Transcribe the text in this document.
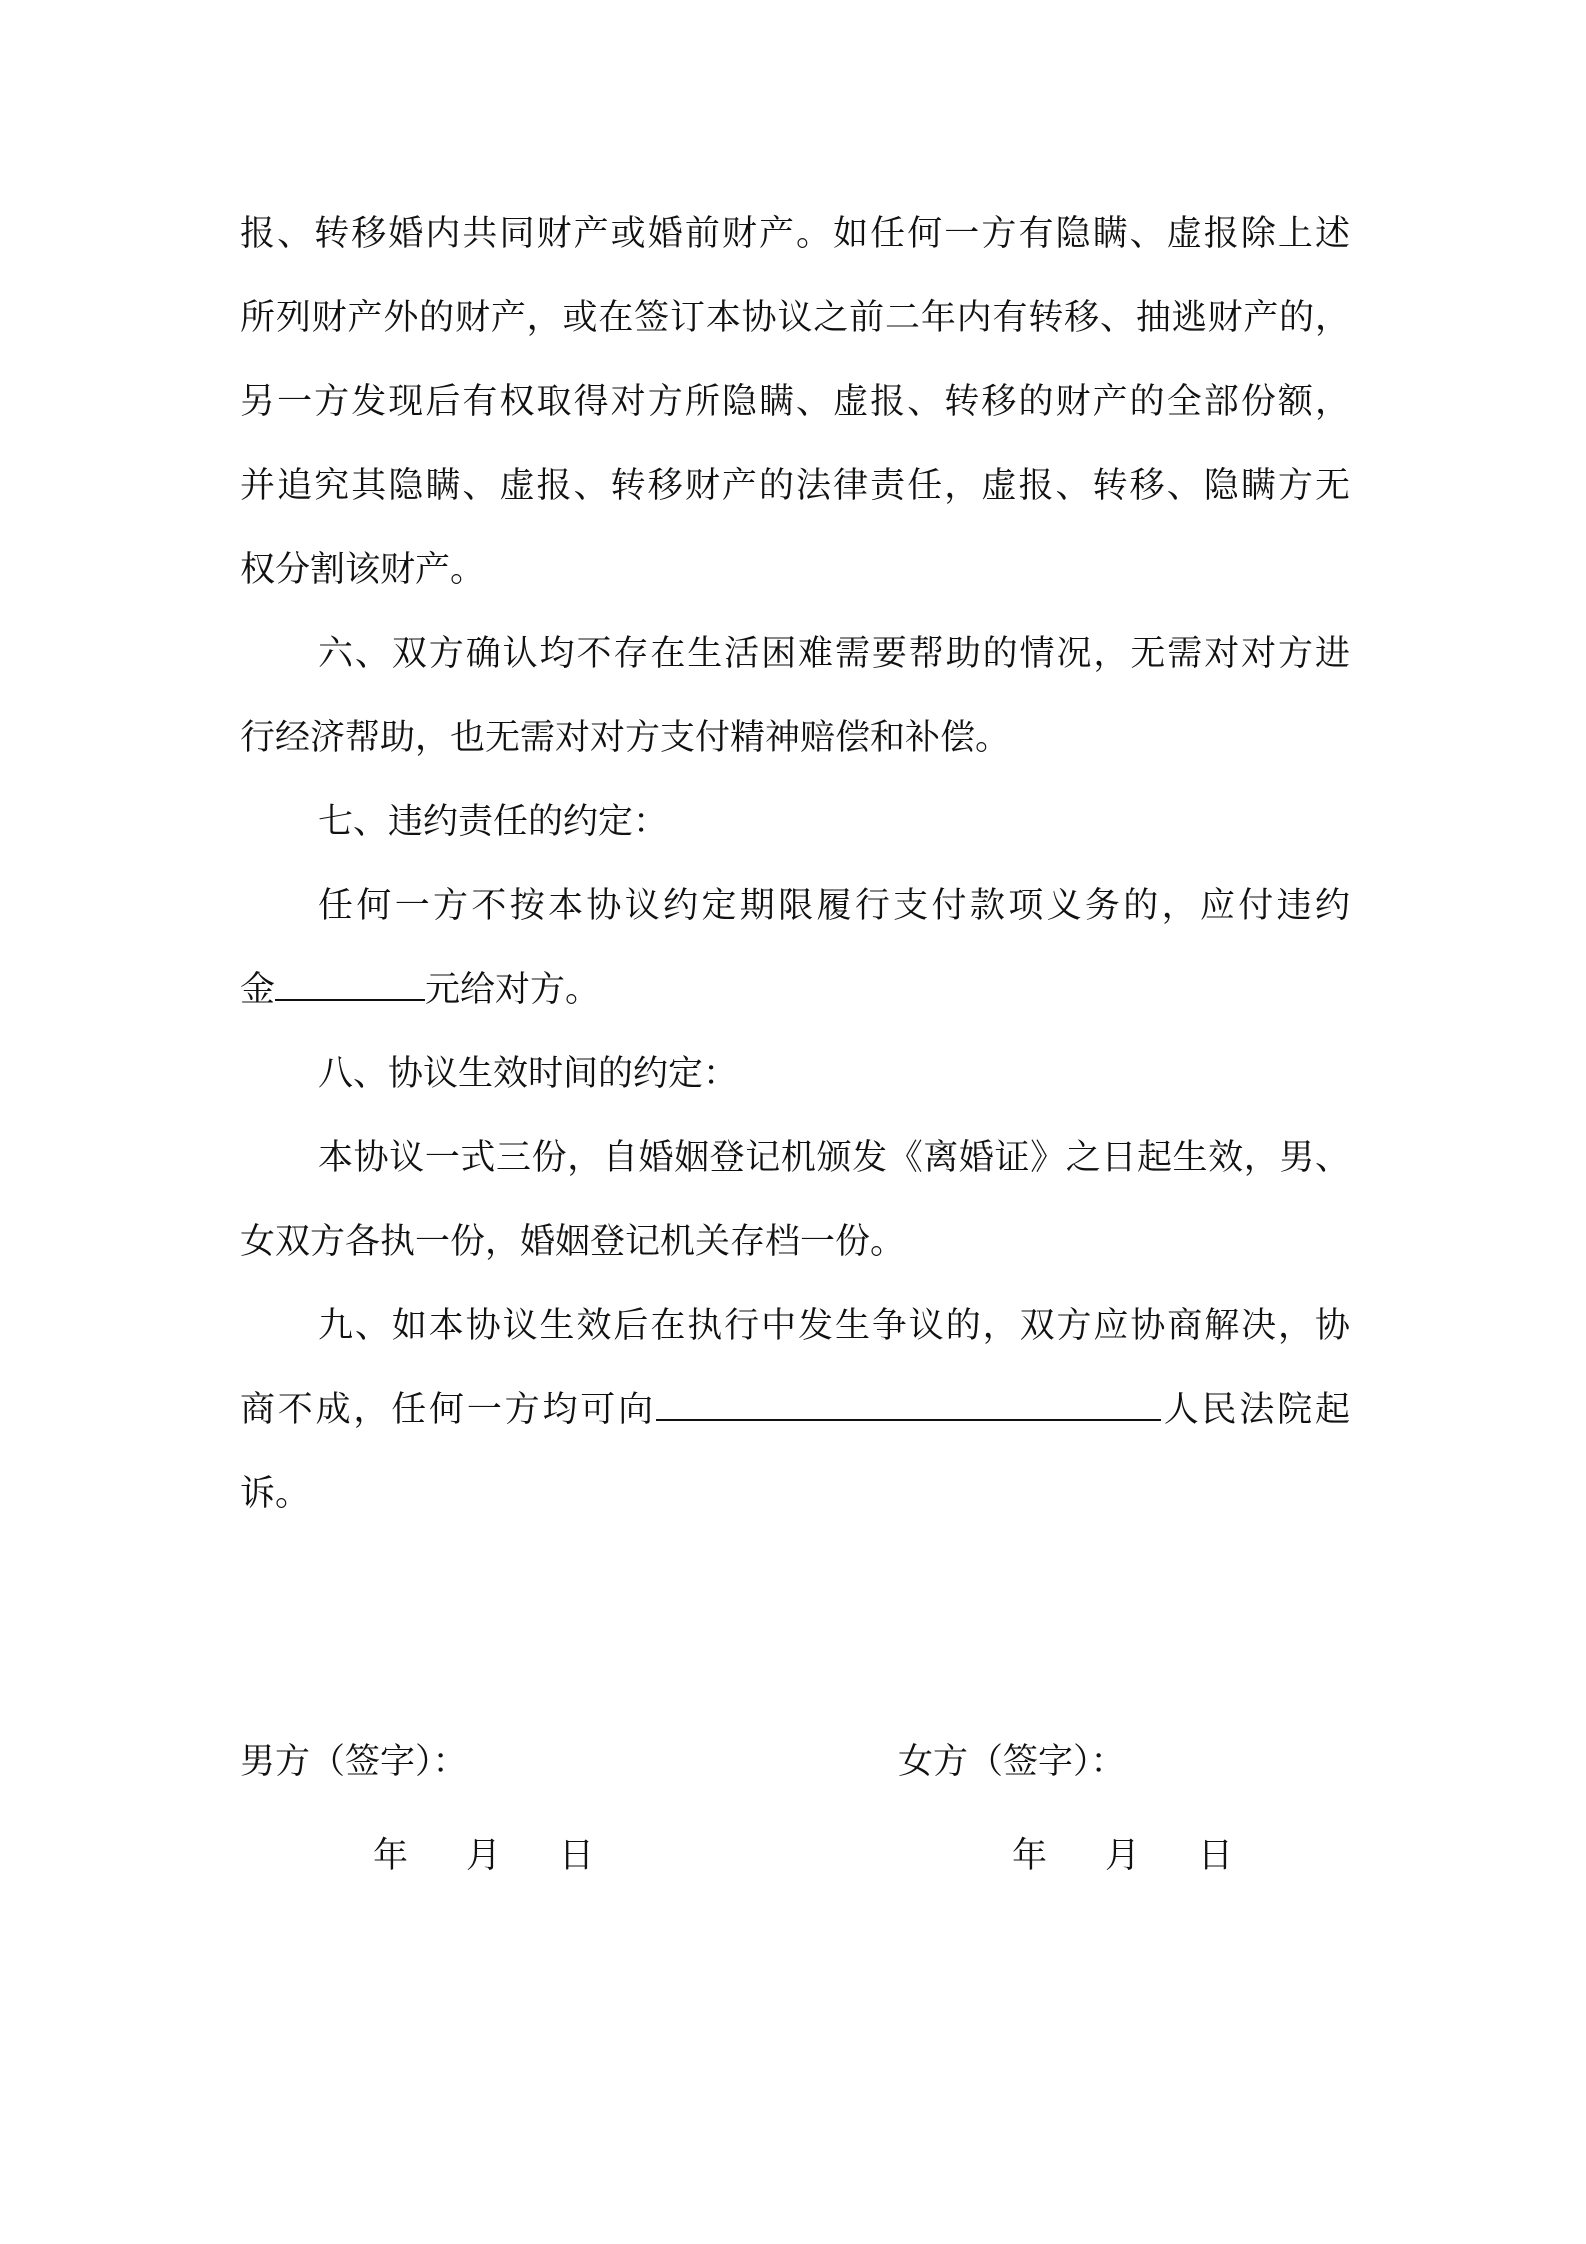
报、转移婚内共同财产或婚前财产。如任何一方有隐瞒、虚报除上述
所列财产外的财产，或在签订本协议之前二年内有转移、抽逃财产的，
另一方发现后有权取得对方所隐瞒、虚报、转移的财产的全部份额，
并追究其隐瞒、虚报、转移财产的法律责任，虚报、转移、隐瞒方无
权分割该财产。
六、双方确认均不存在生活困难需要帮助的情况，无需对对方进
行经济帮助，也无需对对方支付精神赔偿和补偿。
七、违约责任的约定：
任何一方不按本协议约定期限履行支付款项义务的，应付违约
金	元给对方。
八、协议生效时间的约定：
本协议一式三份，自婚姻登记机颁发《离婚证》之日起生效，男、
女双方各执一份，婚姻登记机关存档一份。
九、如本协议生效后在执行中发生争议的，双方应协商解决，协
商不成，任何一方均可向	人民法院起
诉。
男方（签字）：	女方（签字）：
年 月 日	年 月 日
